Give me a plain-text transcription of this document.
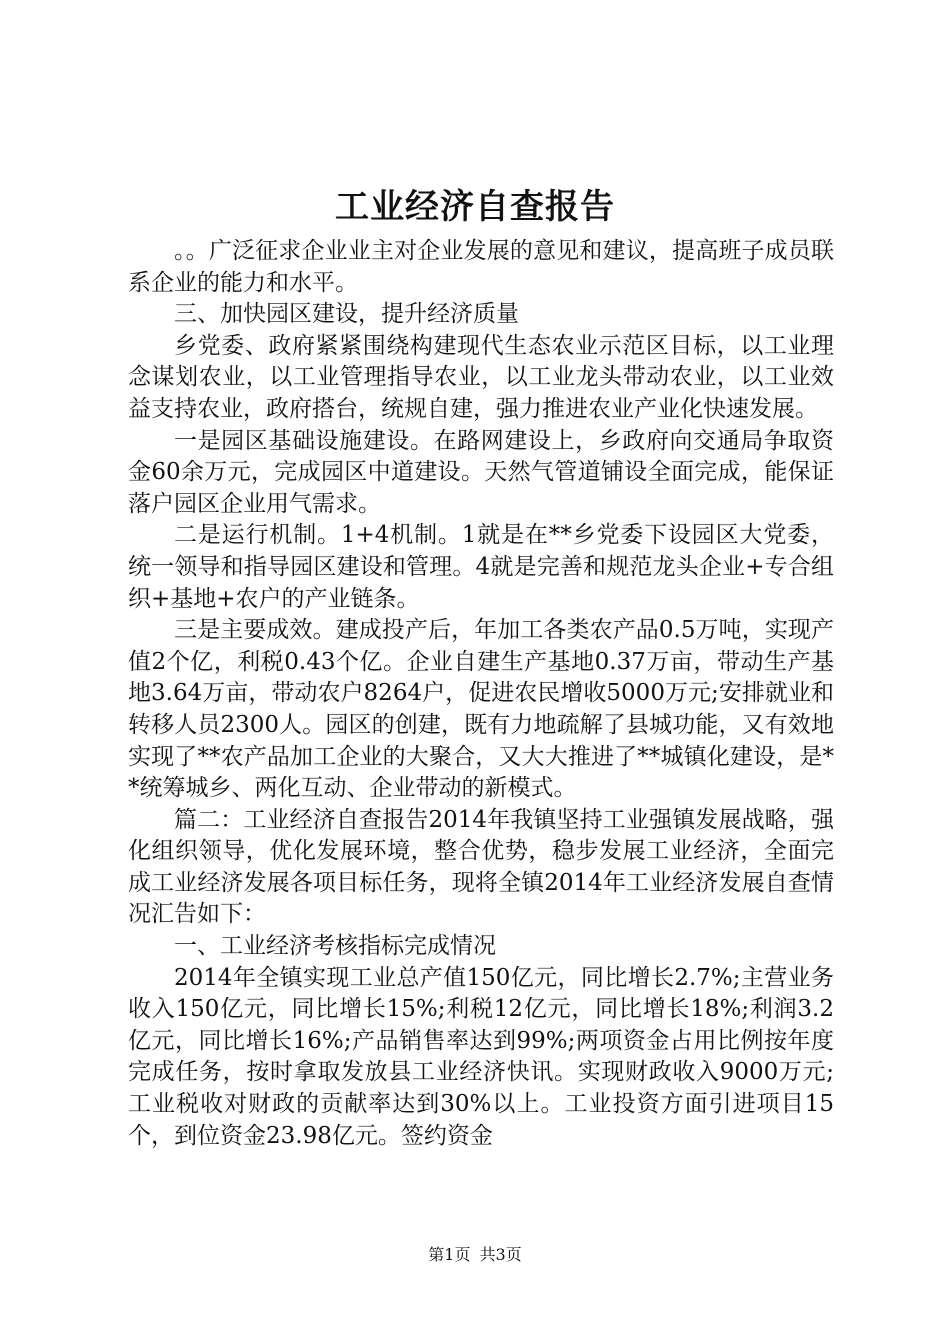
工业经济自查报告

。。广泛征求企业业主对企业发展的意见和建议，提高班子成员联系企业的能力和水平。

三、加快园区建设，提升经济质量

乡党委、政府紧紧围绕构建现代生态农业示范区目标，以工业理念谋划农业，以工业管理指导农业，以工业龙头带动农业，以工业效益支持农业，政府搭台，统规自建，强力推进农业产业化快速发展。

一是园区基础设施建设。在路网建设上，乡政府向交通局争取资金60余万元，完成园区中道建设。天然气管道铺设全面完成，能保证落户园区企业用气需求。

二是运行机制。1+4机制。1就是在**乡党委下设园区大党委，统一领导和指导园区建设和管理。4就是完善和规范龙头企业+专合组织+基地+农户的产业链条。

三是主要成效。建成投产后，年加工各类农产品0.5万吨，实现产值2个亿，利税0.43个亿。企业自建生产基地0.37万亩，带动生产基地3.64万亩，带动农户8264户，促进农民增收5000万元;安排就业和转移人员2300人。园区的创建，既有力地疏解了县城功能，又有效地实现了**农产品加工企业的大聚合，又大大推进了**城镇化建设，是**统筹城乡、两化互动、企业带动的新模式。

篇二：工业经济自查报告2014年我镇坚持工业强镇发展战略，强化组织领导，优化发展环境，整合优势，稳步发展工业经济，全面完成工业经济发展各项目标任务，现将全镇2014年工业经济发展自查情况汇告如下：

一、工业经济考核指标完成情况

2014年全镇实现工业总产值150亿元，同比增长2.7%;主营业务收入150亿元，同比增长15%;利税12亿元，同比增长18%;利润3.2亿元，同比增长16%;产品销售率达到99%;两项资金占用比例按年度完成任务，按时拿取发放县工业经济快讯。实现财政收入9000万元;工业税收对财政的贡献率达到30%以上。工业投资方面引进项目15个，到位资金23.98亿元。签约资金

第1页 共3页
